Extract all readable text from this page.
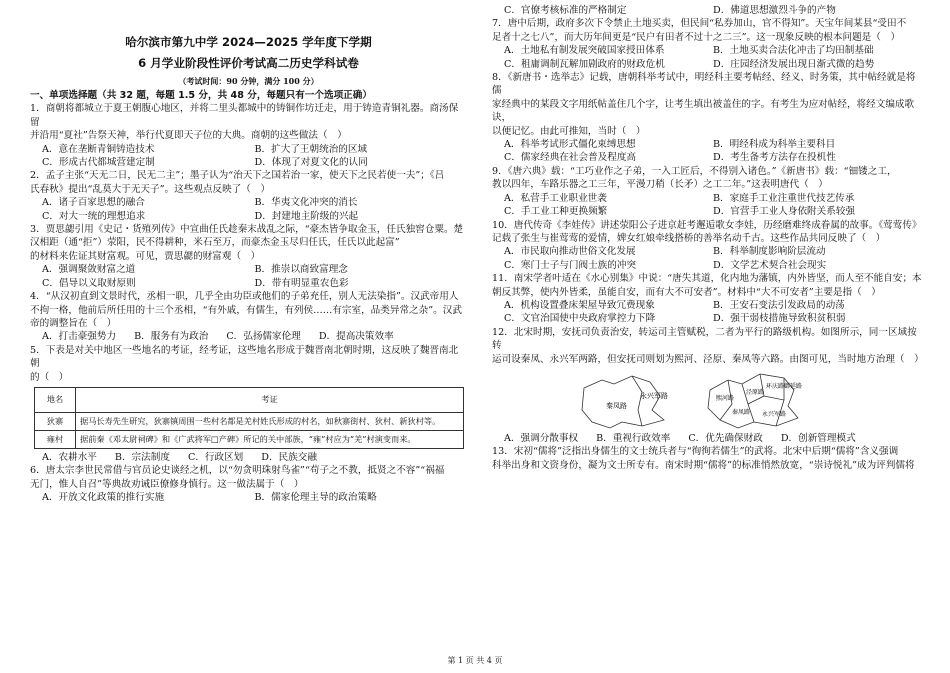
哈尔滨市第九中学 2024—2025 学年度下学期
6 月学业阶段性评价考试高二历史学科试卷
（考试时间：90 分钟，满分 100 分）
一、单项选择题（共 32 题，每题 1.5 分，共 48 分，每题只有一个选项正确）
1．商朝将都城立于夏王朝腹心地区，并将二里头都城中的铸铜作坊迁走，用于铸造青铜礼器。商汤保留
并沿用“夏社”告祭天神，举行代夏即天子位的大典。商朝的这些做法（　）
A．意在垄断青铜铸造技术	B．扩大了王朝统治的区域
C．形成古代都城营建定制	D．体现了对夏文化的认同
2．孟子主张“天无二日，民无二主”；墨子认为“治天下之国若治一家，使天下之民若使一夫”；《吕
氏春秋》提出“乱莫大于无天子”。这些观点反映了（　）
A．诸子百家思想的融合	B．华夷文化冲突的消长
C．对大一统的理想追求	D．封建地主阶级的兴起
3．贾思勰引用《史记・货殖列传》中宣曲任氏趁秦末战乱之际，“豪杰皆争取金玉，任氏独窖仓粟。楚
汉相距（通“拒”）荥阳，民不得耕种，米石至万，而豪杰金玉尽归任氏，任氏以此起富”
的材料来佐证其财富观。可见，贾思勰的财富观（　）
A．强调聚敛财富之道	B．推崇以商致富理念
C．倡导以义取财原则	D．带有明显重农色彩
4．“从汉初直到文景时代，丞相一职，几乎全由功臣或他们的子弟充任，别人无法染指”。汉武帝用人
不拘一格，他前后所任用的十三个丞相，“有外戚，有儒生，有列侯……有宗室，品类异常之杂”。汉武
帝的调整旨在（　）
A．打击豪强势力 B．服务有为政治 C．弘扬儒家伦理 D．提高决策效率
5．下表是对关中地区一些地名的考证，经考证，这些地名形成于魏晋南北朝时期，这反映了魏晋南北朝
的（　）
地名	考证
狄寨	据马长寿先生研究，狄寨镇周围一些村名都是羌村姓氏形成的村名，如秋寨街村、狄村、新狄村等。
雍村	据前秦《邓太尉祠碑》和《广武将军□产碑》所记的关中部族，“雍”村应为“羌”村演变而来。
A．农耕水平 B．宗法制度 C．行政区划 D．民族交融
6．唐太宗李世民常借与官员论史谈经之机，以“勿贪明珠射鸟雀”“苟子之不教，抵贤之不容”“祸福
无门，惟人自召”等典故劝诫臣僚修身慎行。这一做法属于（　）
A．开放文化政策的推行实施	B．儒家伦理主导的政治策略
C．官僚考核标准的严格制定	D．佛道思想激烈斗争的产物
7．唐中后期，政府多次下令禁止土地买卖，但民间“私券加山，官不得知”。天宝年间某县“受田不
足者十之七八”，而大历年间更是“民户有田者不过十之二三”。这一现象反映的根本问题是（　）
A．土地私有制发展突破国家授田体系	B．土地买卖合法化冲击了均田制基础
C．租庸调制瓦解加剧政府的财政危机	D．庄园经济发展出现日渐式微的趋势
8．《新唐书・选举志》记载，唐朝科举考试中，明经科主要考帖经、经义、时务策，其中帖经就是将儒
家经典中的某段文字用纸帖盖住几个字，让考生填出被盖住的字。有考生为应对帖经，将经文编成歌诀，
以便记忆。由此可推知，当时（　）
A．科举考试形式僵化束缚思想	B．明经科成为科举主要科目
C．儒家经典在社会普及程度高	D．考生备考方法存在投机性
9．《唐六典》载：“工巧业作之子弟，一入工匠后，不得别入诸色。”《新唐书》载：“钿镂之工，
教以四年，车路乐器之工三年，平漫刀稍（长矛）之工二年。”这表明唐代（　）
A．私营手工业职业世袭	B．家庭手工业注重世代技艺传承
C．手工业工种更换频繁	D．官营手工业人身依附关系较强
10．唐代传奇《李娃传》讲述荥阳公子进京赶考邂逅歌女李娃，历经磨难终成眷属的故事。《莺莺传》
记载了张生与崔莺莺的爱情，婢女红娘牵线搭桥的善举名动千古。这些作品共同反映了（　）
A．市民取向推动世俗文化发展	B．科举制度影响阶层流动
C．寒门士子与门阀士族的冲突	D．文学艺术契合社会现实
11．南宋学者叶适在《水心别集》中说：“唐失其道，化内地为藩镇，内外皆坚，而人至不能自安；本
朝反其弊，使内外皆柔，虽能自安，而有大不可安者”。材料中“大不可安者”主要是指（　）
A．机构设置叠床架屋导致冗费现象	B．王安石变法引发政局的动荡
C．文官治国使中央政府掌控力下降	D．强干弱枝措施导致积贫积弱
12．北宋时期，安抚司负责治安，转运司主管赋税，二者为平行的路级机构。如图所示，同一区域按转
运司设秦凤、永兴军两路，但安抚司则划为熙河、泾原、秦凤等六路。由图可见，当时地方治理（　）
秦凤路
永兴军路	熙河路
秦凤路
泾原路
环庆路 鄜延路
永兴军路
A．强调分散事权 B．重视行政效率 C．优先确保财政 D．创新管理模式
13．宋初“儒将”泛指出身儒生的文士统兵者与“徇徇若儒生”的武将。北宋中后期“儒将”含义强调
科举出身和文资身份，凝为文士所专有。南宋时期“儒将”的标准悄然放宽，“崇诗悦礼”成为评判儒将
第 1 页 共 4 页
